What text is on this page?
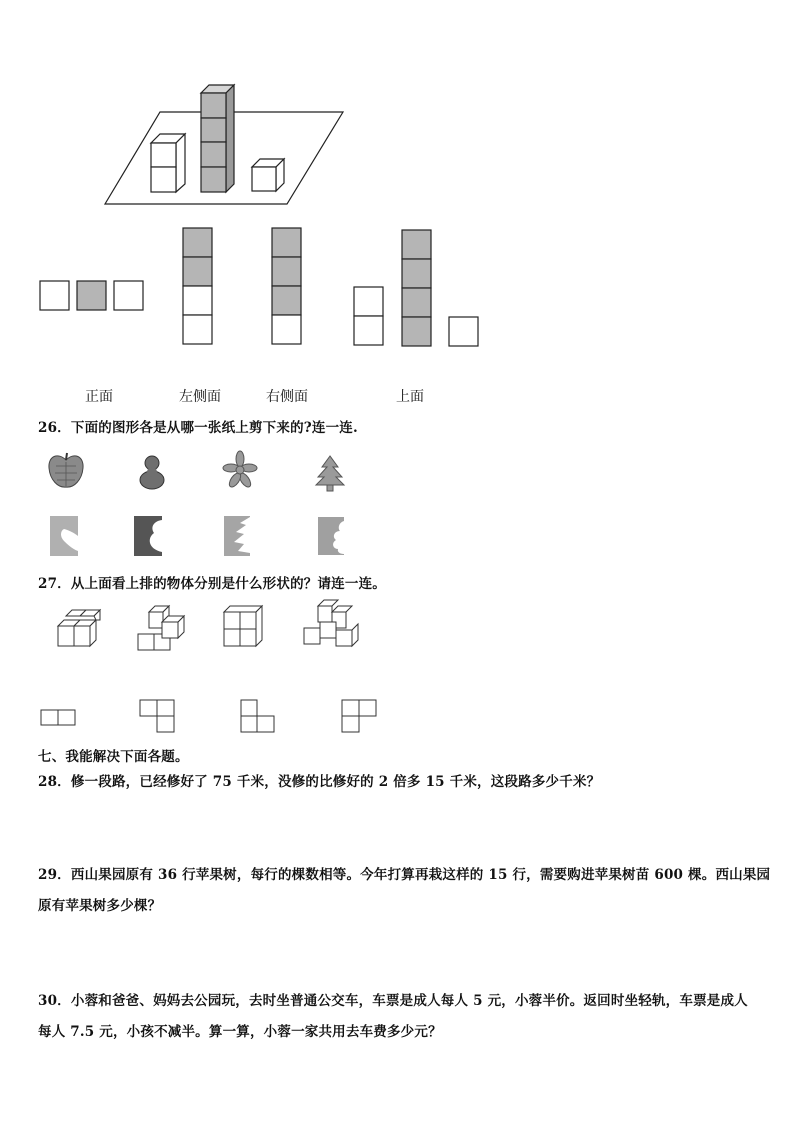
正面	左侧面	右侧面	上面
26．下面的图形各是从哪一张纸上剪下来的?连一连.
27．从上面看上排的物体分别是什么形状的？请连一连。
七、我能解决下面各题。
28．修一段路，已经修好了 75 千米，没修的比修好的 2 倍多 15 千米，这段路多少千米？
29．西山果园原有 36 行苹果树，每行的棵数相等。今年打算再栽这样的 15 行，需要购进苹果树苗 600 棵。西山果园
原有苹果树多少棵？
30．小蓉和爸爸、妈妈去公园玩，去时坐普通公交车，车票是成人每人 5 元，小蓉半价。返回时坐轻轨，车票是成人
每人 7.5 元，小孩不减半。算一算，小蓉一家共用去车费多少元？
